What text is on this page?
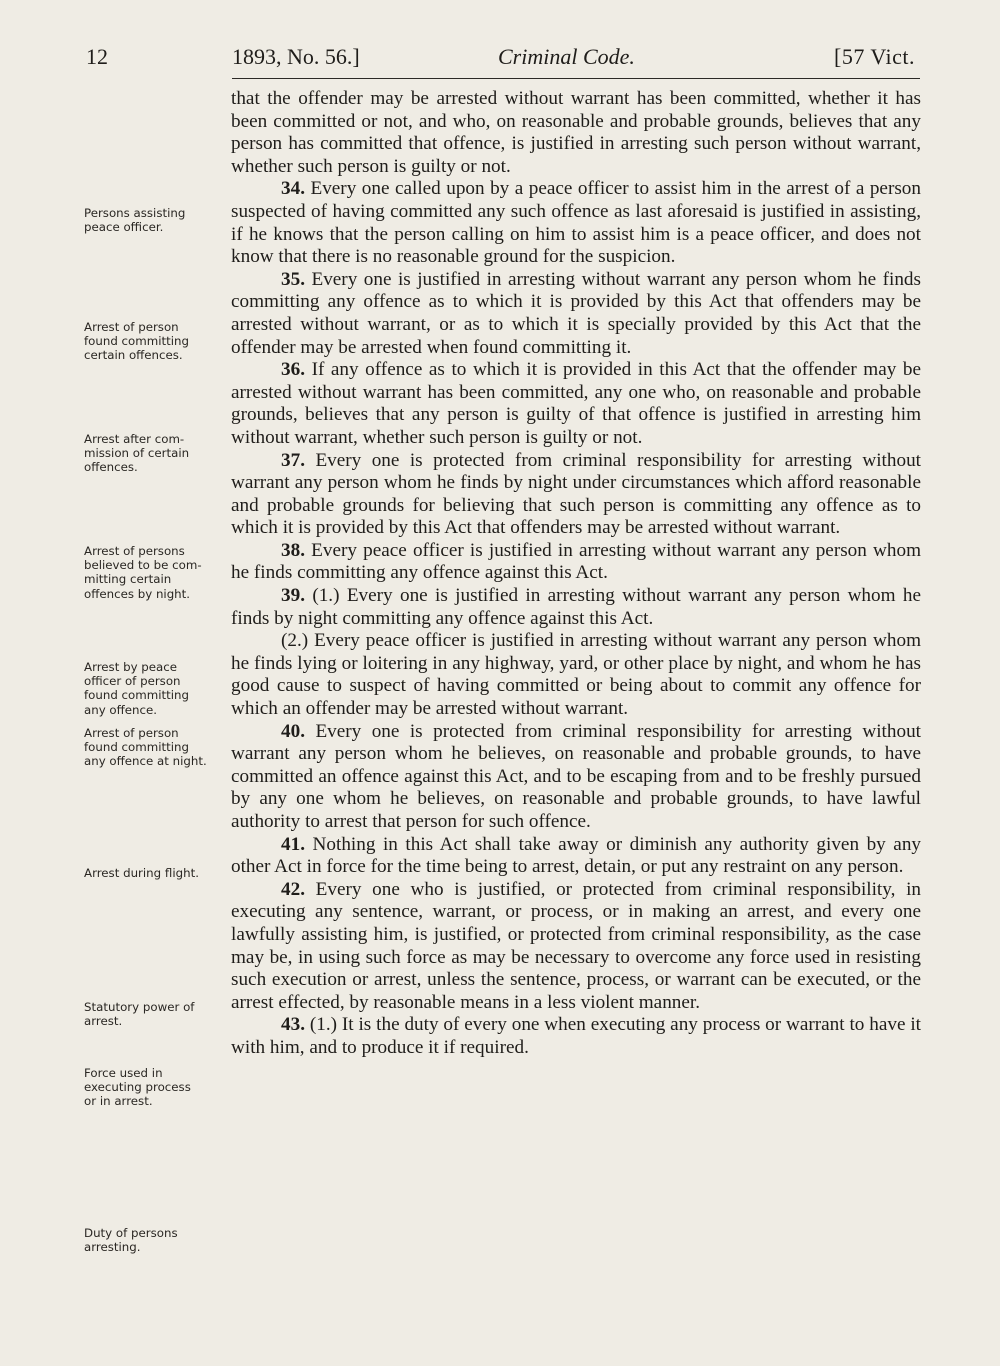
12	1893, No. 56.]	Criminal Code.	[57 Vict.
Persons assisting
peace officer.
Arrest of person
found committing
certain offences.
Arrest after com-
mission of certain
offences.
Arrest of persons
believed to be com-
mitting certain
offences by night.
Arrest by peace
officer of person
found committing
any offence.
Arrest of person
found committing
any offence at night.
Arrest during flight.
Statutory power of
arrest.
Force used in
executing process
or in arrest.
Duty of persons
arresting.

that the offender may be arrested without warrant has been committed, whether it has been committed or not, and who, on reasonable and probable grounds, believes that any person has committed that offence, is justified in arresting such person without warrant, whether such person is guilty or not.

34. Every one called upon by a peace officer to assist him in the arrest of a person suspected of having committed any such offence as last aforesaid is justified in assisting, if he knows that the person calling on him to assist him is a peace officer, and does not know that there is no reasonable ground for the suspicion.

35. Every one is justified in arresting without warrant any person whom he finds committing any offence as to which it is provided by this Act that offenders may be arrested without warrant, or as to which it is specially provided by this Act that the offender may be arrested when found committing it.

36. If any offence as to which it is provided in this Act that the offender may be arrested without warrant has been committed, any one who, on reasonable and probable grounds, believes that any person is guilty of that offence is justified in arresting him without warrant, whether such person is guilty or not.

37. Every one is protected from criminal responsibility for arresting without warrant any person whom he finds by night under circumstances which afford reasonable and probable grounds for believing that such person is committing any offence as to which it is provided by this Act that offenders may be arrested without warrant.

38. Every peace officer is justified in arresting without warrant any person whom he finds committing any offence against this Act.

39. (1.) Every one is justified in arresting without warrant any person whom he finds by night committing any offence against this Act.

(2.) Every peace officer is justified in arresting without warrant any person whom he finds lying or loitering in any highway, yard, or other place by night, and whom he has good cause to suspect of having committed or being about to commit any offence for which an offender may be arrested without warrant.

40. Every one is protected from criminal responsibility for arresting without warrant any person whom he believes, on reasonable and probable grounds, to have committed an offence against this Act, and to be escaping from and to be freshly pursued by any one whom he believes, on reasonable and probable grounds, to have lawful authority to arrest that person for such offence.

41. Nothing in this Act shall take away or diminish any authority given by any other Act in force for the time being to arrest, detain, or put any restraint on any person.

42. Every one who is justified, or protected from criminal responsibility, in executing any sentence, warrant, or process, or in making an arrest, and every one lawfully assisting him, is justified, or protected from criminal responsibility, as the case may be, in using such force as may be necessary to overcome any force used in resisting such execution or arrest, unless the sentence, process, or warrant can be executed, or the arrest effected, by reasonable means in a less violent manner.

43. (1.) It is the duty of every one when executing any process or warrant to have it with him, and to produce it if required.
